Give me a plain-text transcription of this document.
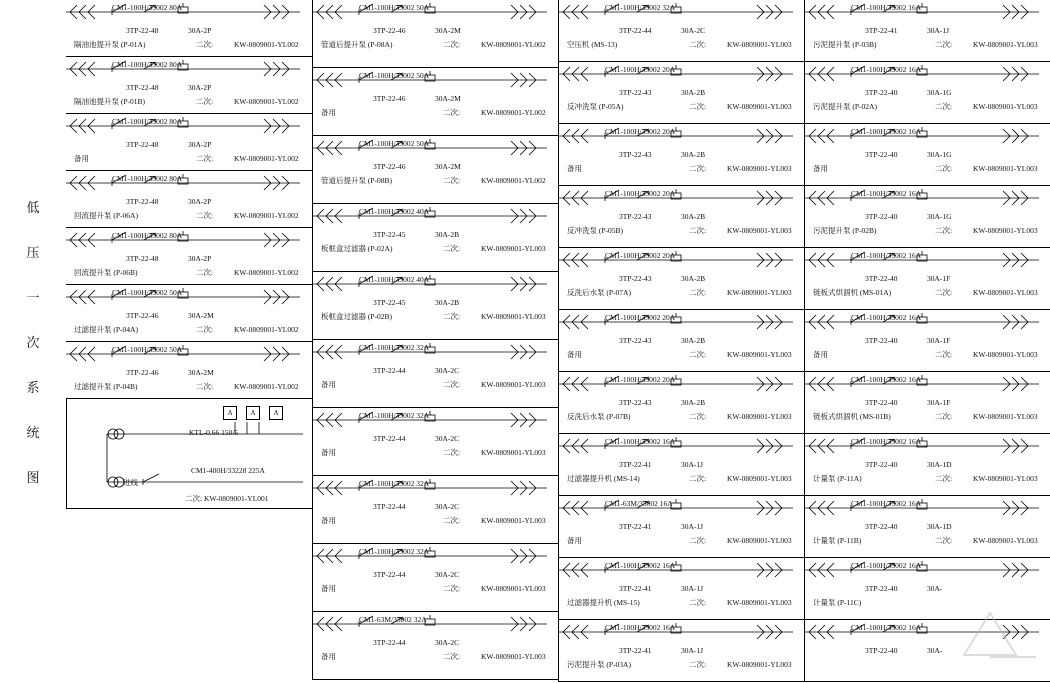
低
压
一
次
系
统
图
CM1-100H/33002 80A
3TP-22-48	30A-2P
隔油池提升泵 (P-01A)	二次:	KW-0809001-YL002
CM1-100H/33002 80A
3TP-22-48	30A-2P
隔油池提升泵 (P-01B)	二次:	KW-0809001-YL002
CM1-100H/33002 80A
3TP-22-48	30A-2P
备用	二次:	KW-0809001-YL002
CM1-100H/33002 80A
3TP-22-48	30A-2P
回流提升泵 (P-06A)	二次:	KW-0809001-YL002
CM1-100H/33002 80A
3TP-22-48	30A-2P
回流提升泵 (P-06B)	二次:	KW-0809001-YL002
CM1-100H/33002 50A
3TP-22-46	30A-2M
过滤提升泵 (P-04A)	二次:	KW-0809001-YL002
CM1-100H/33002 50A
3TP-22-46	30A-2M
过滤提升泵 (P-04B)	二次:	KW-0809001-YL002
A	A	A
KTL-0.66 150/5
进线
CM1-400H/33228 225A
二次: KW-0809001-YL001
CM1-100H/33002 50A
3TP-22-46	30A-2M
管道后提升泵 (P-08A)	二次:	KW-0809001-YL002
CM1-100H/33002 50A
3TP-22-46	30A-2M
备用	二次:	KW-0809001-YL002
CM1-100H/33002 50A
3TP-22-46	30A-2M
管道后提升泵 (P-08B)	二次:	KW-0809001-YL002
CM1-100H/33002 40A
3TP-22-45	30A-2B
板框盒过滤器 (P-02A)	二次:	KW-0809001-YL003
CM1-100H/33002 40A
3TP-22-45	30A-2B
板框盒过滤器 (P-02B)	二次:	KW-0809001-YL003
CM1-100H/33002 32A
3TP-22-44	30A-2C
备用	二次:	KW-0809001-YL003
CM1-100H/33002 32A
3TP-22-44	30A-2C
备用	二次:	KW-0809001-YL003
CM1-100H/33002 32A
3TP-22-44	30A-2C
备用	二次:	KW-0809001-YL003
CM1-100H/33002 32A
3TP-22-44	30A-2C
备用	二次:	KW-0809001-YL003
CM1-63M/33002 32A
3TP-22-44	30A-2C
备用	二次:	KW-0809001-YL003
CM1-100H/33002 32A
3TP-22-44	30A-2C
空压机 (MS-13)	二次:	KW-0809001-YL003
CM1-100H/33002 20A
3TP-22-43	30A-2B
反冲洗泵 (P-05A)	二次:	KW-0809001-YL003
CM1-100H/33002 20A
3TP-22-43	30A-2B
备用	二次:	KW-0809001-YL003
CM1-100H/33002 20A
3TP-22-43	30A-2B
反冲洗泵 (P-05B)	二次:	KW-0809001-YL003
CM1-100H/33002 20A
3TP-22-43	30A-2B
反洗后水泵 (P-07A)	二次:	KW-0809001-YL003
CM1-100H/33002 20A
3TP-22-43	30A-2B
备用	二次:	KW-0809001-YL003
CM1-100H/33002 20A
3TP-22-43	30A-2B
反洗后水泵 (P-07B)	二次:	KW-0809001-YL003
CM1-100H/33002 16A
3TP-22-41	30A-1J
过滤器提升机 (MS-14)	二次:	KW-0809001-YL003
CM1-63M/33002 16A
3TP-22-41	30A-1J
备用	二次:	KW-0809001-YL003
CM1-100H/33002 16A
3TP-22-41	30A-1J
过滤器提升机 (MS-15)	二次:	KW-0809001-YL003
CM1-100H/33002 16A
3TP-22-41	30A-1J
污泥提升泵 (P-03A)	二次:	KW-0809001-YL003
CM1-100H/33002 16A
3TP-22-41	30A-1J
污泥提升泵 (P-03B)	二次:	KW-0809001-YL003
CM1-100H/33002 16A
3TP-22-40	30A-1G
污泥提升泵 (P-02A)	二次:	KW-0809001-YL003
CM1-100H/33002 16A
3TP-22-40	30A-1G
备用	二次:	KW-0809001-YL003
CM1-100H/33002 16A
3TP-22-40	30A-1G
污泥提升泵 (P-02B)	二次:	KW-0809001-YL003
CM1-100H/33002 16A
3TP-22-40	30A-1F
链板式烘涸机 (MS-01A)	二次:	KW-0809001-YL003
CM1-100H/33002 16A
3TP-22-40	30A-1F
备用	二次:	KW-0809001-YL003
CM1-100H/33002 16A
3TP-22-40	30A-1F
链板式烘涸机 (MS-01B)	二次:	KW-0809001-YL003
CM1-100H/33002 16A
3TP-22-40	30A-1D
计量泵 (P-11A)	二次:	KW-0809001-YL003
CM1-100H/33002 16A
3TP-22-40	30A-1D
计量泵 (P-11B)	二次:	KW-0809001-YL003
CM1-100H/33002 16A
3TP-22-40	30A-
计量泵 (P-11C)
CM1-100H/33002 16A
3TP-22-40	30A-
